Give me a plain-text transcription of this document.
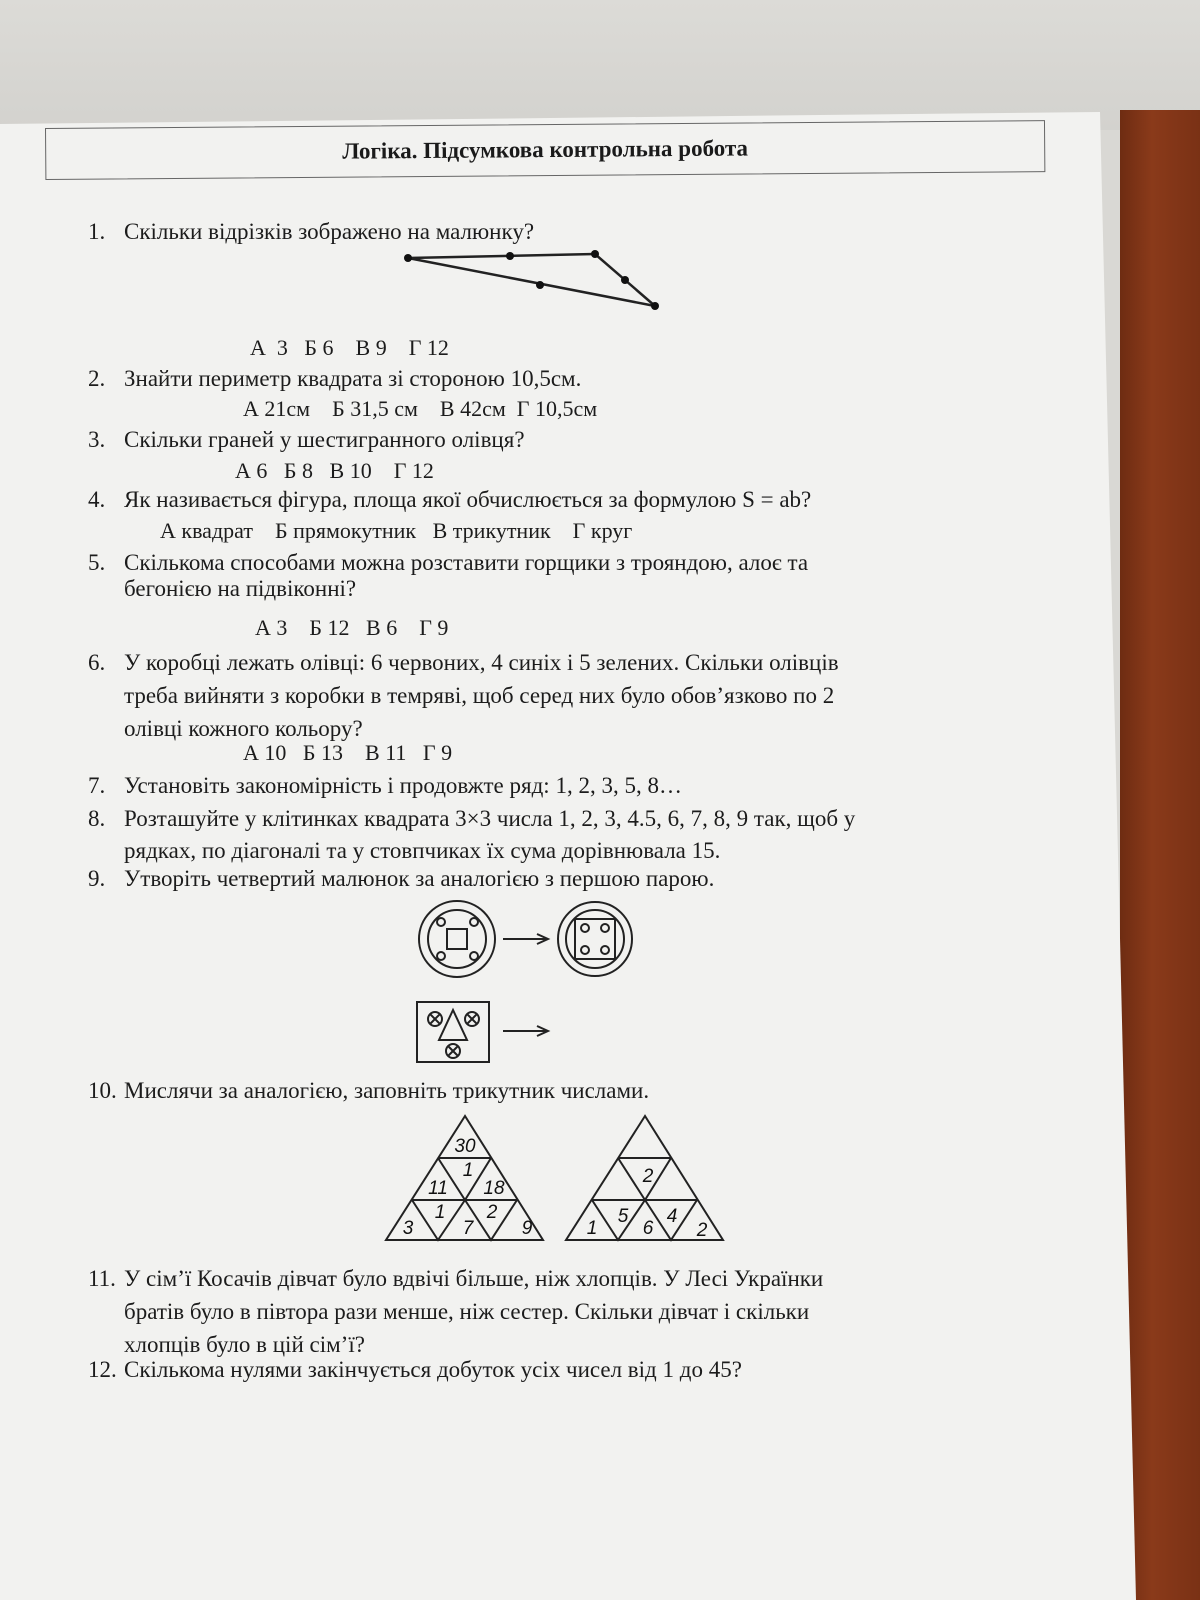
Логіка. Підсумкова контрольна робота
1. Скільки відрізків зображено на малюнку?
А  3   Б 6    В 9    Г 12
2. Знайти периметр квадрата зі стороною 10,5см.
А 21см    Б 31,5 см    В 42см  Г 10,5см
3. Скільки граней у шестигранного олівця?
А 6   Б 8   В 10    Г 12
4. Як називається фігура, площа якої обчислюється за формулою S = ab?
А квадрат    Б прямокутник   В трикутник    Г круг
5. Скількома способами можна розставити горщики з трояндою, алоє та
бегонією на підвіконні?
А 3    Б 12   В 6    Г 9
6. У коробці лежать олівці: 6 червоних, 4 синіх і 5 зелених. Скільки олівців
треба вийняти з коробки в темряві, щоб серед них було обов’язково по 2
олівці кожного кольору?
А 10   Б 13    В 11   Г 9
7. Установіть закономірність і продовжте ряд: 1, 2, 3, 5, 8…
8. Розташуйте у клітинках квадрата 3×3 числа 1, 2, 3, 4.5, 6, 7, 8, 9 так, щоб у
рядках, по діагоналі та у стовпчиках їх сума дорівнювала 15.
9. Утворіть четвертий малюнок за аналогією з першою парою.
10. Мислячи за аналогією, заповніть трикутник числами.
30
1
11 18
3
1
7
2
9
2
1
5
6
4
2
11. У сім’ї Косачів дівчат було вдвічі більше, ніж хлопців. У Лесі Українки
братів було в півтора рази менше, ніж сестер. Скільки дівчат і скільки
хлопців було в цій сім’ї?
12. Скількома нулями закінчується добуток усіх чисел від 1 до 45?
